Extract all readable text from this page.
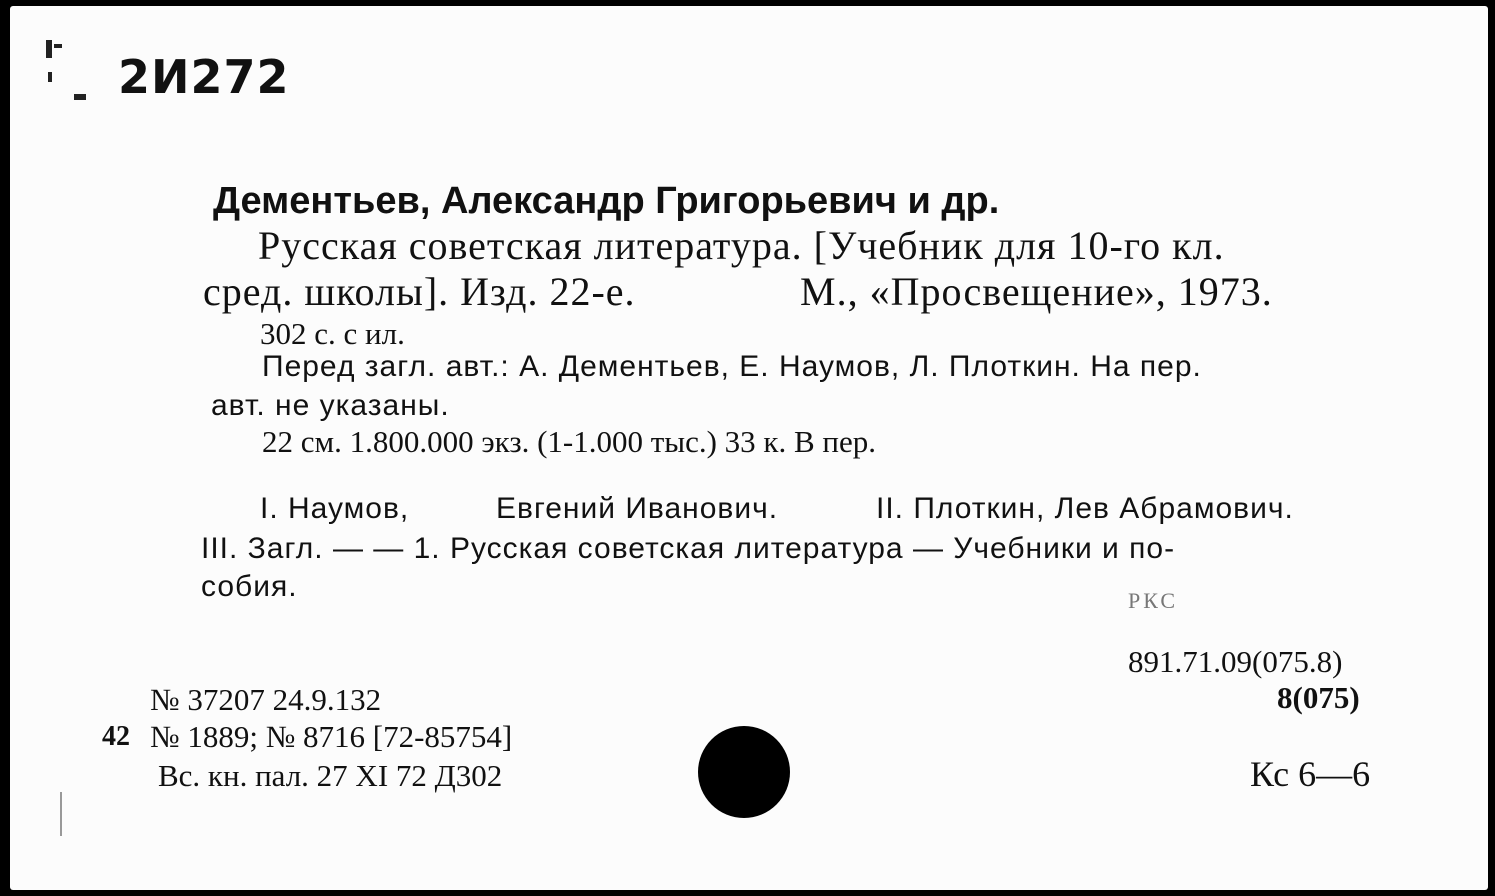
2И272
Дементьев, Александр Григорьевич и др.
Русская советская литература. [Учебник для 10-го кл.
сред. школы]. Изд. 22-е.	М., «Просвещение», 1973.
302 с. с ил.
Перед загл. авт.: А. Дементьев, Е. Наумов, Л. Плоткин. На пер.
авт. не указаны.
22 см. 1.800.000 экз. (1-1.000 тыс.) 33 к. В пер.
I. Наумов,	Евгений Иванович.	II. Плоткин, Лев Абрамович.
III. Загл. — — 1. Русская советская литература — Учебники и по-
собия.	РКС
891.71.09(075.8)
8(075)
№ 37207 24.9.132
42 № 1889; № 8716 [72-85754]
Вс. кн. пал. 27 XI 72 Д302	Кс 6—6
